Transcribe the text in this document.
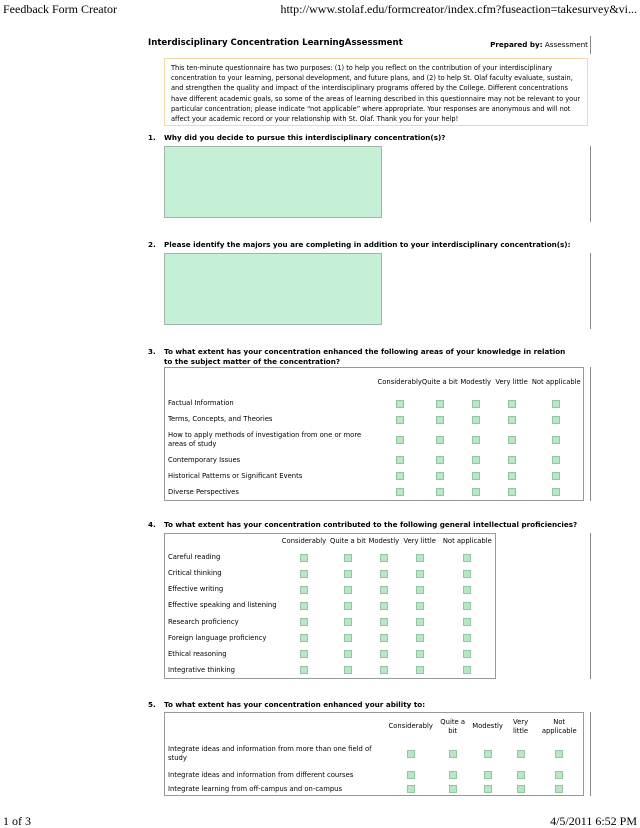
Feedback Form Creator	http://www.stolaf.edu/formcreator/index.cfm?fuseaction=takesurvey&vi...
1 of 3	4/5/2011 6:52 PM
Interdisciplinary Concentration LearningAssessment	Prepared by: Assessment
This ten-minute questionnaire has two purposes: (1) to help you reflect on the contribution of your interdisciplinary concentration to your learning, personal development, and future plans, and (2) to help St. Olaf faculty evaluate, sustain, and strengthen the quality and impact of the interdisciplinary programs offered by the College. Different concentrations have different academic goals, so some of the areas of learning described in this questionnaire may not be relevant to your particular concentration; please indicate “not applicable” where appropriate. Your responses are anonymous and will not affect your academic record or your relationship with St. Olaf. Thank you for your help!
1.	Why did you decide to pursue this interdisciplinary concentration(s)?
2.	Please identify the majors you are completing in addition to your interdisciplinary concentration(s):
3.	To what extent has your concentration enhanced the following areas of your knowledge in relation to the subject matter of the concentration?
	Considerably	Quite a bit	Modestly	Very little	Not applicable
Factual Information					
Terms, Concepts, and Theories					
How to apply methods of investigation from one or more areas of study					
Contemporary Issues					
Historical Patterns or Significant Events					
Diverse Perspectives					
4.	To what extent has your concentration contributed to the following general intellectual proficiencies?
	Considerably	Quite a bit	Modestly	Very little	Not applicable
Careful reading					
Critical thinking					
Effective writing					
Effective speaking and listening					
Research proficiency					
Foreign language proficiency					
Ethical reasoning					
Integrative thinking					
5.	To what extent has your concentration enhanced your ability to:
	Considerably	Quite a bit	Modestly	Very little	Not applicable
Integrate ideas and information from more than one field of study					
Integrate ideas and information from different courses					
Integrate learning from off-campus and on-campus					
